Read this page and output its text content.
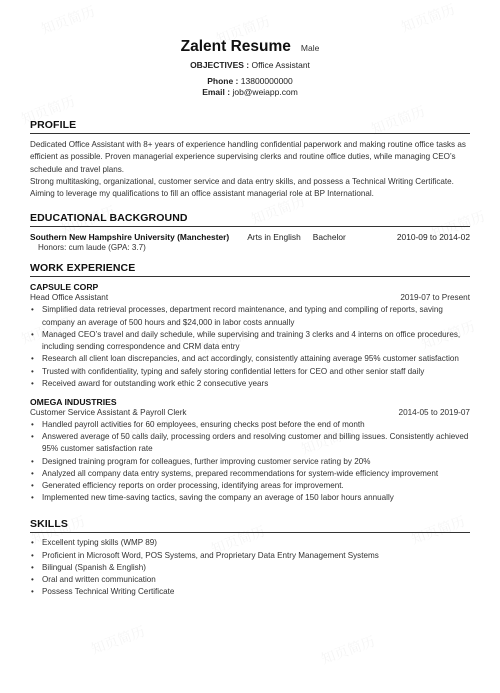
Zalent Resume Male
OBJECTIVES : Office Assistant
Phone : 13800000000
Email : job@weiapp.com
PROFILE
Dedicated Office Assistant with 8+ years of experience handling confidential paperwork and making routine office tasks as efficient as possible. Proven managerial experience supervising clerks and routine office duties, while managing CEO’s schedule and travel plans.
Strong multitasking, organizational, customer service and data entry skills, and possess a Technical Writing Certificate. Aiming to leverage my qualifications to fill an office assistant managerial role at BP International.
EDUCATIONAL BACKGROUND
Southern New Hampshire University (Manchester) Arts in English Bachelor	2010-09 to 2014-02
Honors: cum laude (GPA: 3.7)
WORK EXPERIENCE
CAPSULE CORP
Head Office Assistant	2019-07 to Present
• Simplified data retrieval processes, department record maintenance, and typing and compiling of reports, saving company an average of 500 hours and $24,000 in labor costs annually
• Managed CEO’s travel and daily schedule, while supervising and training 3 clerks and 4 interns on office procedures, including sending correspondence and CRM data entry
• Research all client loan discrepancies, and act accordingly, consistently attaining average 95% customer satisfaction
• Trusted with confidentiality, typing and safely storing confidential letters for CEO and other senior staff daily
• Received award for outstanding work ethic 2 consecutive years
OMEGA INDUSTRIES
Customer Service Assistant & Payroll Clerk	2014-05 to 2019-07
• Handled payroll activities for 60 employees, ensuring checks post before the end of month
• Answered average of 50 calls daily, processing orders and resolving customer and billing issues. Consistently achieved 95% customer satisfaction rate
• Designed training program for colleagues, further improving customer service rating by 20%
• Analyzed all company data entry systems, prepared recommendations for system-wide efficiency improvement
• Generated efficiency reports on order processing, identifying areas for improvement.
• Implemented new time-saving tactics, saving the company an average of 150 labor hours annually
SKILLS
• Excellent typing skills (WMP 89)
• Proficient in Microsoft Word, POS Systems, and Proprietary Data Entry Management Systems
• Bilingual (Spanish & English)
• Oral and written communication
• Possess Technical Writing Certificate
